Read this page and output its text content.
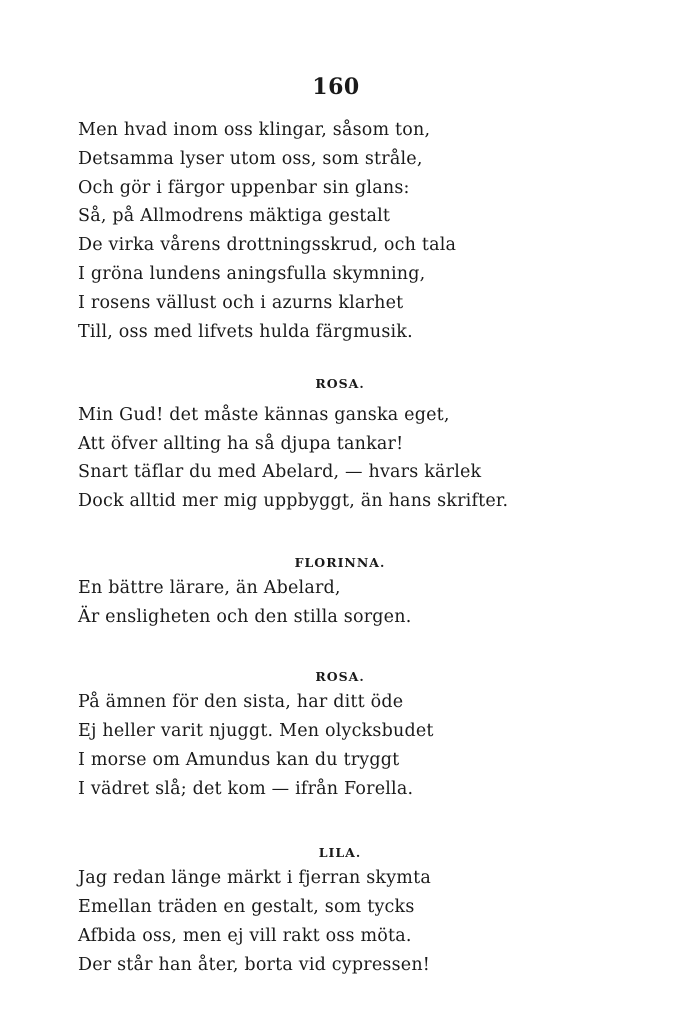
160
Men hvad inom oss klingar, såsom ton,
Detsamma lyser utom oss, som stråle,
Och gör i färgor uppenbar sin glans:
Så, på Allmodrens mäktiga gestalt
De virka vårens drottningsskrud, och tala
I gröna lundens aningsfulla skymning,
I rosens vällust och i azurns klarhet
Till, oss med lifvets hulda färgmusik.
ROSA.
Min Gud! det måste kännas ganska eget,
Att öfver allting ha så djupa tankar!
Snart täflar du med Abelard, — hvars kärlek
Dock alltid mer mig uppbyggt, än hans skrifter.
FLORINNA.
En bättre lärare, än Abelard,
Är ensligheten och den stilla sorgen.
ROSA.
På ämnen för den sista, har ditt öde
Ej heller varit njuggt. Men olycksbudet
I morse om Amundus kan du tryggt
I vädret slå; det kom — ifrån Forella.
LILA.
Jag redan länge märkt i fjerran skymta
Emellan träden en gestalt, som tycks
Afbida oss, men ej vill rakt oss möta.
Der står han åter, borta vid cypressen!
